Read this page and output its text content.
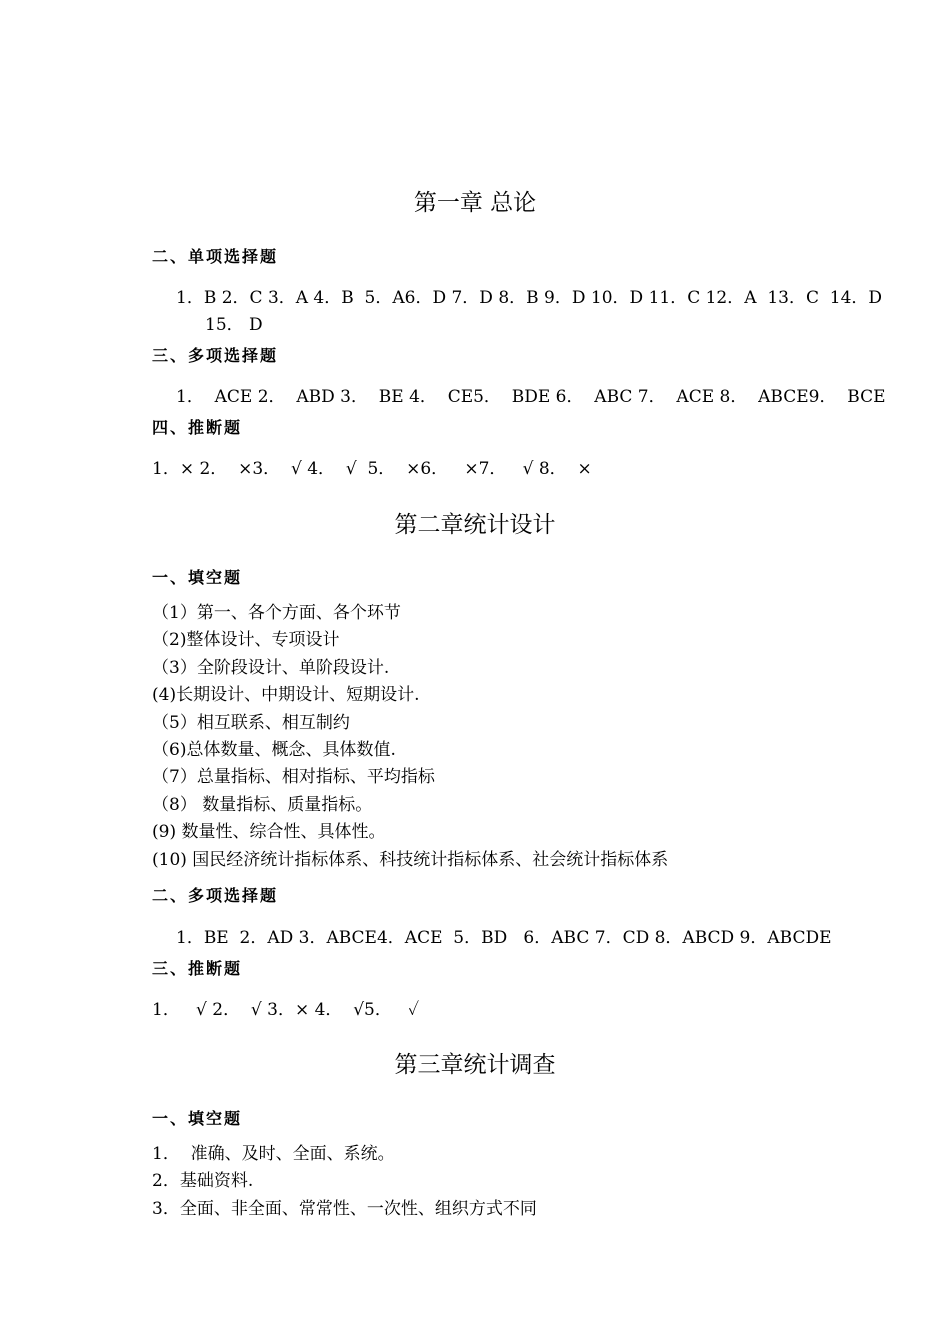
第一章 总论
二、单项选择题

1．B 2．C 3．A 4．B  5．A6．D 7．D 8．B 9．D 10．D 11．C 12．A  13．C  14．D

15． D

三、多项选择题

1．  ACE 2．  ABD 3．  BE 4．  CE5．  BDE 6．  ABC 7．  ACE 8．  ABCE9．  BCE

四、推断题

1．× 2．  ×3．  √ 4．  √  5．  ×6．   ×7．   √ 8．  ×

第二章统计设计
一、填空题
（1）第一、各个方面、各个环节
（2)整体设计、专项设计
（3）全阶段设计、单阶段设计.
(4)长期设计、中期设计、短期设计.
（5）相互联系、相互制约
（6)总体数量、概念、具体数值.
（7）总量指标、相对指标、平均指标
（8） 数量指标、质量指标。
(9) 数量性、综合性、具体性。
(10) 国民经济统计指标体系、科技统计指标体系、社会统计指标体系
二、多项选择题

1．BE  2．AD 3．ABCE4．ACE  5．BD   6．ABC 7．CD 8．ABCD 9．ABCDE

三、推断题

1．   √ 2．  √ 3．× 4．  √5．   ✓

第三章统计调查
一、填空题
1．  准确、及时、全面、系统。
2．基础资料.
3．全面、非全面、常常性、一次性、组织方式不同
